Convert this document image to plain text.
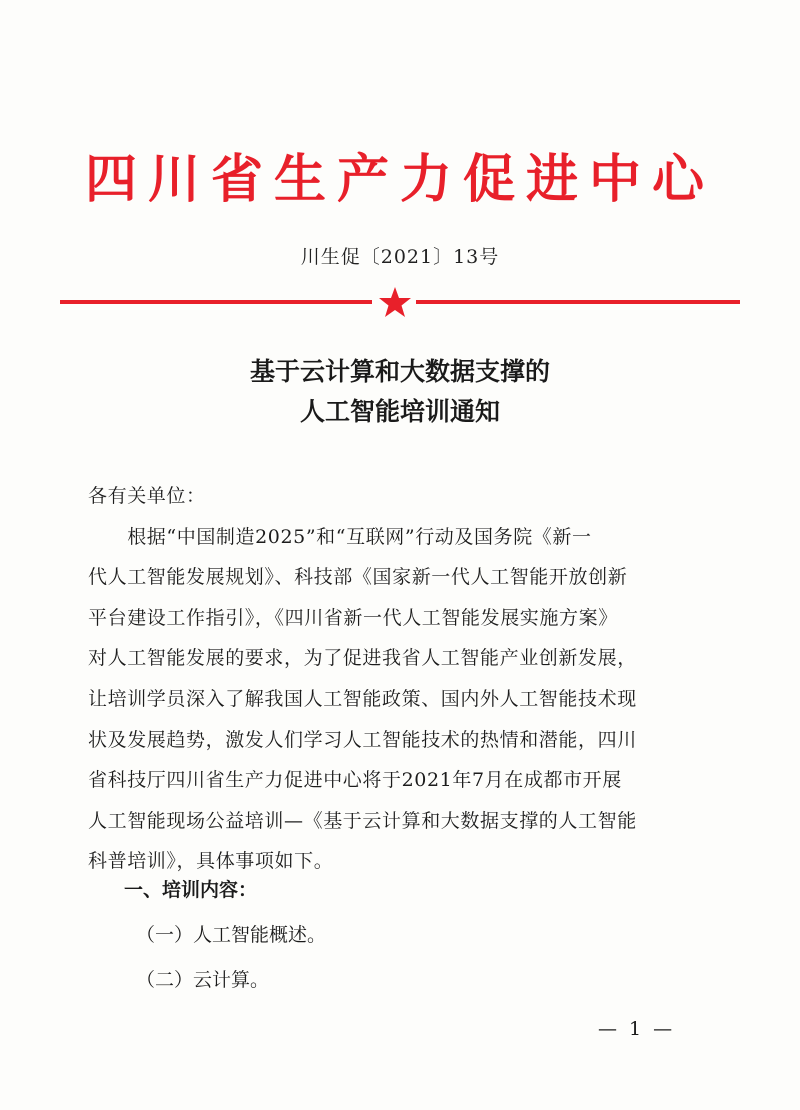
四川省生产力促进中心
川生促〔2021〕13号
基于云计算和大数据支撑的
人工智能培训通知
各有关单位：
　　根据“中国制造2025”和“互联网”行动及国务院《新一
代人工智能发展规划》、科技部《国家新一代人工智能开放创新
平台建设工作指引》，《四川省新一代人工智能发展实施方案》
对人工智能发展的要求，为了促进我省人工智能产业创新发展，
让培训学员深入了解我国人工智能政策、国内外人工智能技术现
状及发展趋势，激发人们学习人工智能技术的热情和潜能，四川
省科技厅四川省生产力促进中心将于2021年7月在成都市开展
人工智能现场公益培训—《基于云计算和大数据支撑的人工智能
科普培训》，具体事项如下。
一、培训内容：
（一）人工智能概述。
（二）云计算。
— 1 —
